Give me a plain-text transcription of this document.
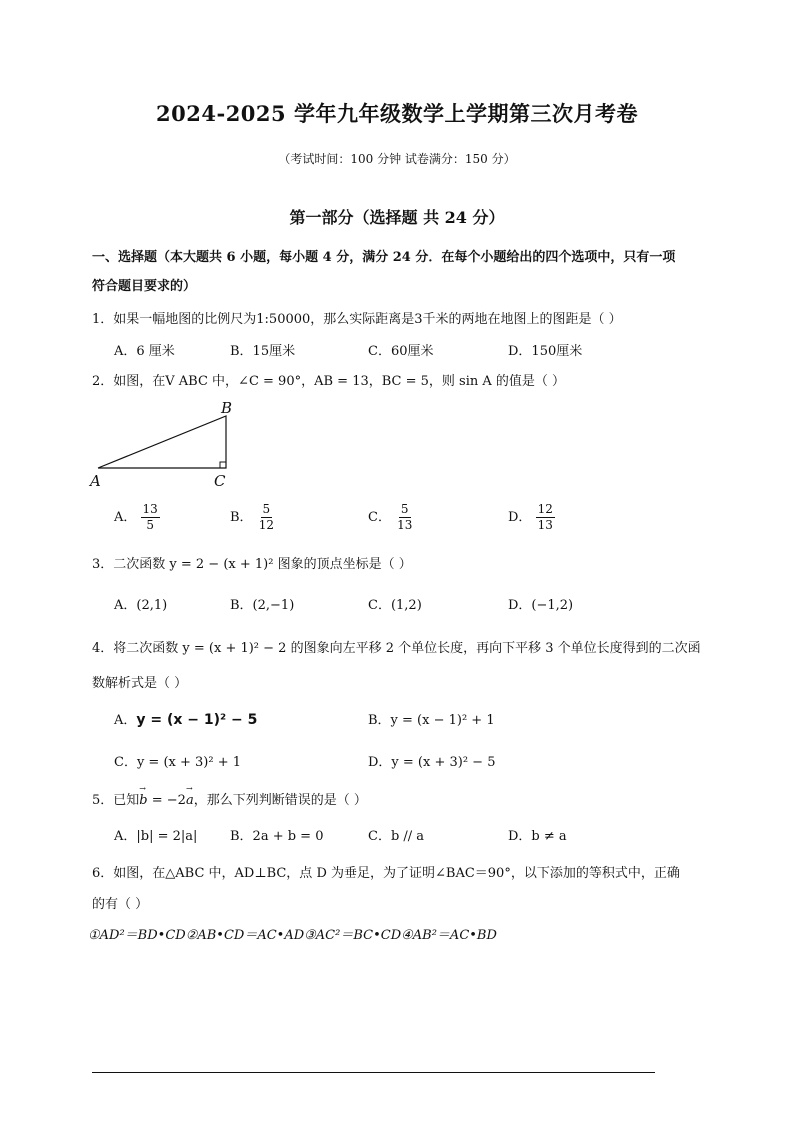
2024-2025 学年九年级数学上学期第三次月考卷
（考试时间：100 分钟 试卷满分：150 分）
第一部分（选择题 共 24 分）
一、选择题（本大题共 6 小题，每小题 4 分，满分 24 分．在每个小题给出的四个选项中，只有一项
符合题目要求的）
1．如果一幅地图的比例尺为1:50000，那么实际距离是3千米的两地在地图上的图距是（ ）
A．6 厘米	B．15厘米	C．60厘米	D．150厘米
2．如图，在V ABC 中，∠C = 90°，AB = 13，BC = 5，则 sin A 的值是（ ）
A
B
C
A． $\frac{13}{5}$	B． $\frac{5}{12}$	C． $\frac{5}{13}$	D． $\frac{12}{13}$
3．二次函数 y = 2 − (x + 1)² 图象的顶点坐标是（ ）
A．(2,1)	B．(2,−1)	C．(1,2)	D．(−1,2)
4．将二次函数 y = (x + 1)² − 2 的图象向左平移 2 个单位长度，再向下平移 3 个单位长度得到的二次函
数解析式是（ ）
A．y = (x − 1)² − 5	B．y = (x − 1)² + 1
C．y = (x + 3)² + 1	D．y = (x + 3)² − 5
5．已知→ b = −2→ a，那么下列判断错误的是（ ）
A．|b| = 2|a|	B．2a + b = 0	C．b // a	D．b ≠ a
6．如图，在△ABC 中，AD⊥BC，点 D 为垂足，为了证明∠BAC＝90°，以下添加的等积式中，正确
的有（ ）
①AD²＝BD•CD②AB•CD＝AC•AD③AC²＝BC•CD④AB²＝AC•BD
